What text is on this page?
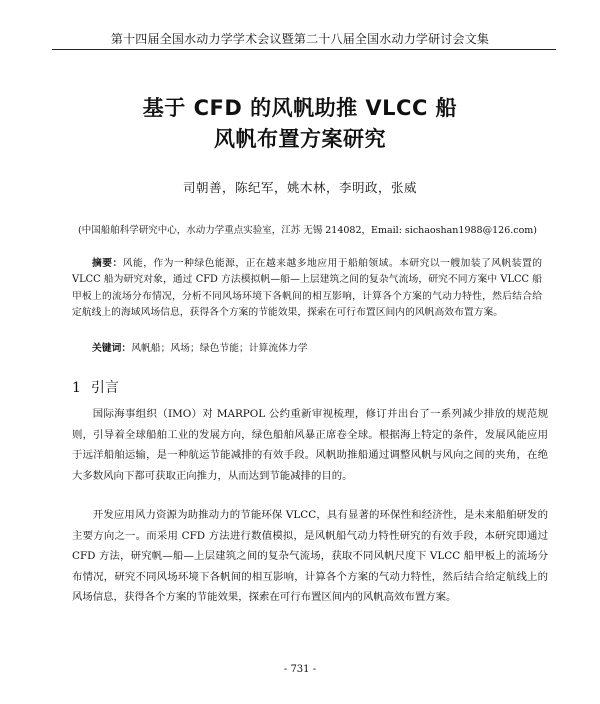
第十四届全国水动力学学术会议暨第二十八届全国水动力学研讨会文集
基于 CFD 的风帆助推 VLCC 船
风帆布置方案研究
司朝善，陈纪军，姚木林，李明政，张威
(中国船舶科学研究中心，水动力学重点实验室，江苏 无锡 214082，Email: sichaoshan1988@126.com)
摘要：风能，作为一种绿色能源，正在越来越多地应用于船舶领域。本研究以一艘加装了风帆装置的 VLCC 船为研究对象，通过 CFD 方法模拟帆—船—上层建筑之间的复杂气流场，研究不同方案中 VLCC 船甲板上的流场分布情况，分析不同风场环境下各帆间的相互影响，计算各个方案的气动力特性，然后结合给定航线上的海域风场信息，获得各个方案的节能效果，探索在可行布置区间内的风帆高效布置方案。
关键词：风帆船；风场；绿色节能；计算流体力学
1 引言
国际海事组织（IMO）对 MARPOL 公约重新审视梳理，修订并出台了一系列减少排放的规范规则，引导着全球船舶工业的发展方向，绿色船舶风暴正席卷全球。根据海上特定的条件，发展风能应用于远洋船舶运输，是一种航运节能减排的有效手段。风帆助推船通过调整风帆与风向之间的夹角，在绝大多数风向下都可获取正向推力，从而达到节能减排的目的。
开发应用风力资源为助推动力的节能环保 VLCC，具有显著的环保性和经济性，是未来船舶研发的主要方向之一。而采用 CFD 方法进行数值模拟，是风帆船气动力特性研究的有效手段，本研究即通过 CFD 方法，研究帆—船—上层建筑之间的复杂气流场，获取不同风帆尺度下 VLCC 船甲板上的流场分布情况，研究不同风场环境下各帆间的相互影响，计算各个方案的气动力特性，然后结合给定航线上的风场信息，获得各个方案的节能效果，探索在可行布置区间内的风帆高效布置方案。
- 731 -
